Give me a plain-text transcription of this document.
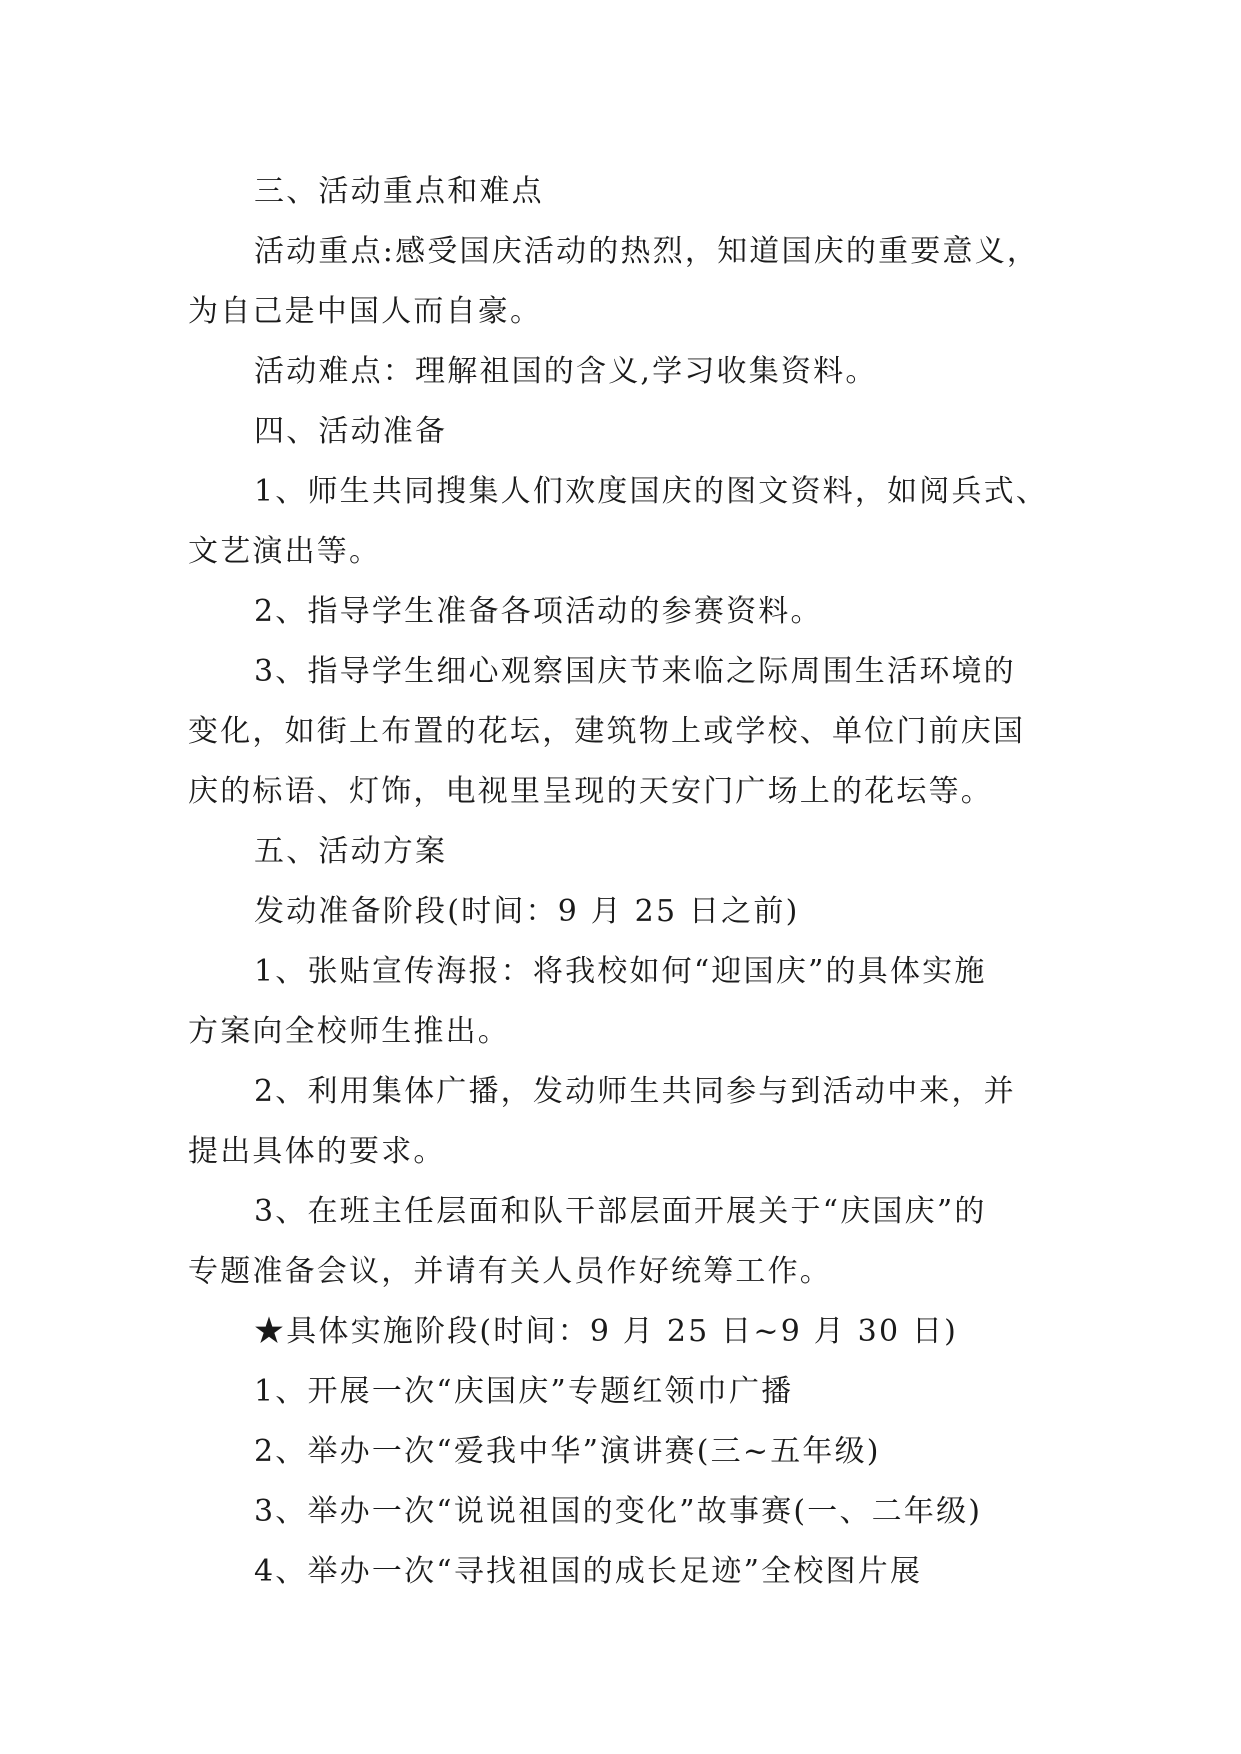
三、活动重点和难点
活动重点:感受国庆活动的热烈，知道国庆的重要意义，
为自己是中国人而自豪。
活动难点：理解祖国的含义,学习收集资料。
四、活动准备
1、师生共同搜集人们欢度国庆的图文资料，如阅兵式、
文艺演出等。
2、指导学生准备各项活动的参赛资料。
3、指导学生细心观察国庆节来临之际周围生活环境的
变化，如街上布置的花坛，建筑物上或学校、单位门前庆国
庆的标语、灯饰，电视里呈现的天安门广场上的花坛等。
五、活动方案
发动准备阶段(时间：9 月 25 日之前)
1、张贴宣传海报：将我校如何“迎国庆”的具体实施
方案向全校师生推出。
2、利用集体广播，发动师生共同参与到活动中来，并
提出具体的要求。
3、在班主任层面和队干部层面开展关于“庆国庆”的
专题准备会议，并请有关人员作好统筹工作。
★具体实施阶段(时间：9 月 25 日~9 月 30 日)
1、开展一次“庆国庆”专题红领巾广播
2、举办一次“爱我中华”演讲赛(三~五年级)
3、举办一次“说说祖国的变化”故事赛(一、二年级)
4、举办一次“寻找祖国的成长足迹”全校图片展
